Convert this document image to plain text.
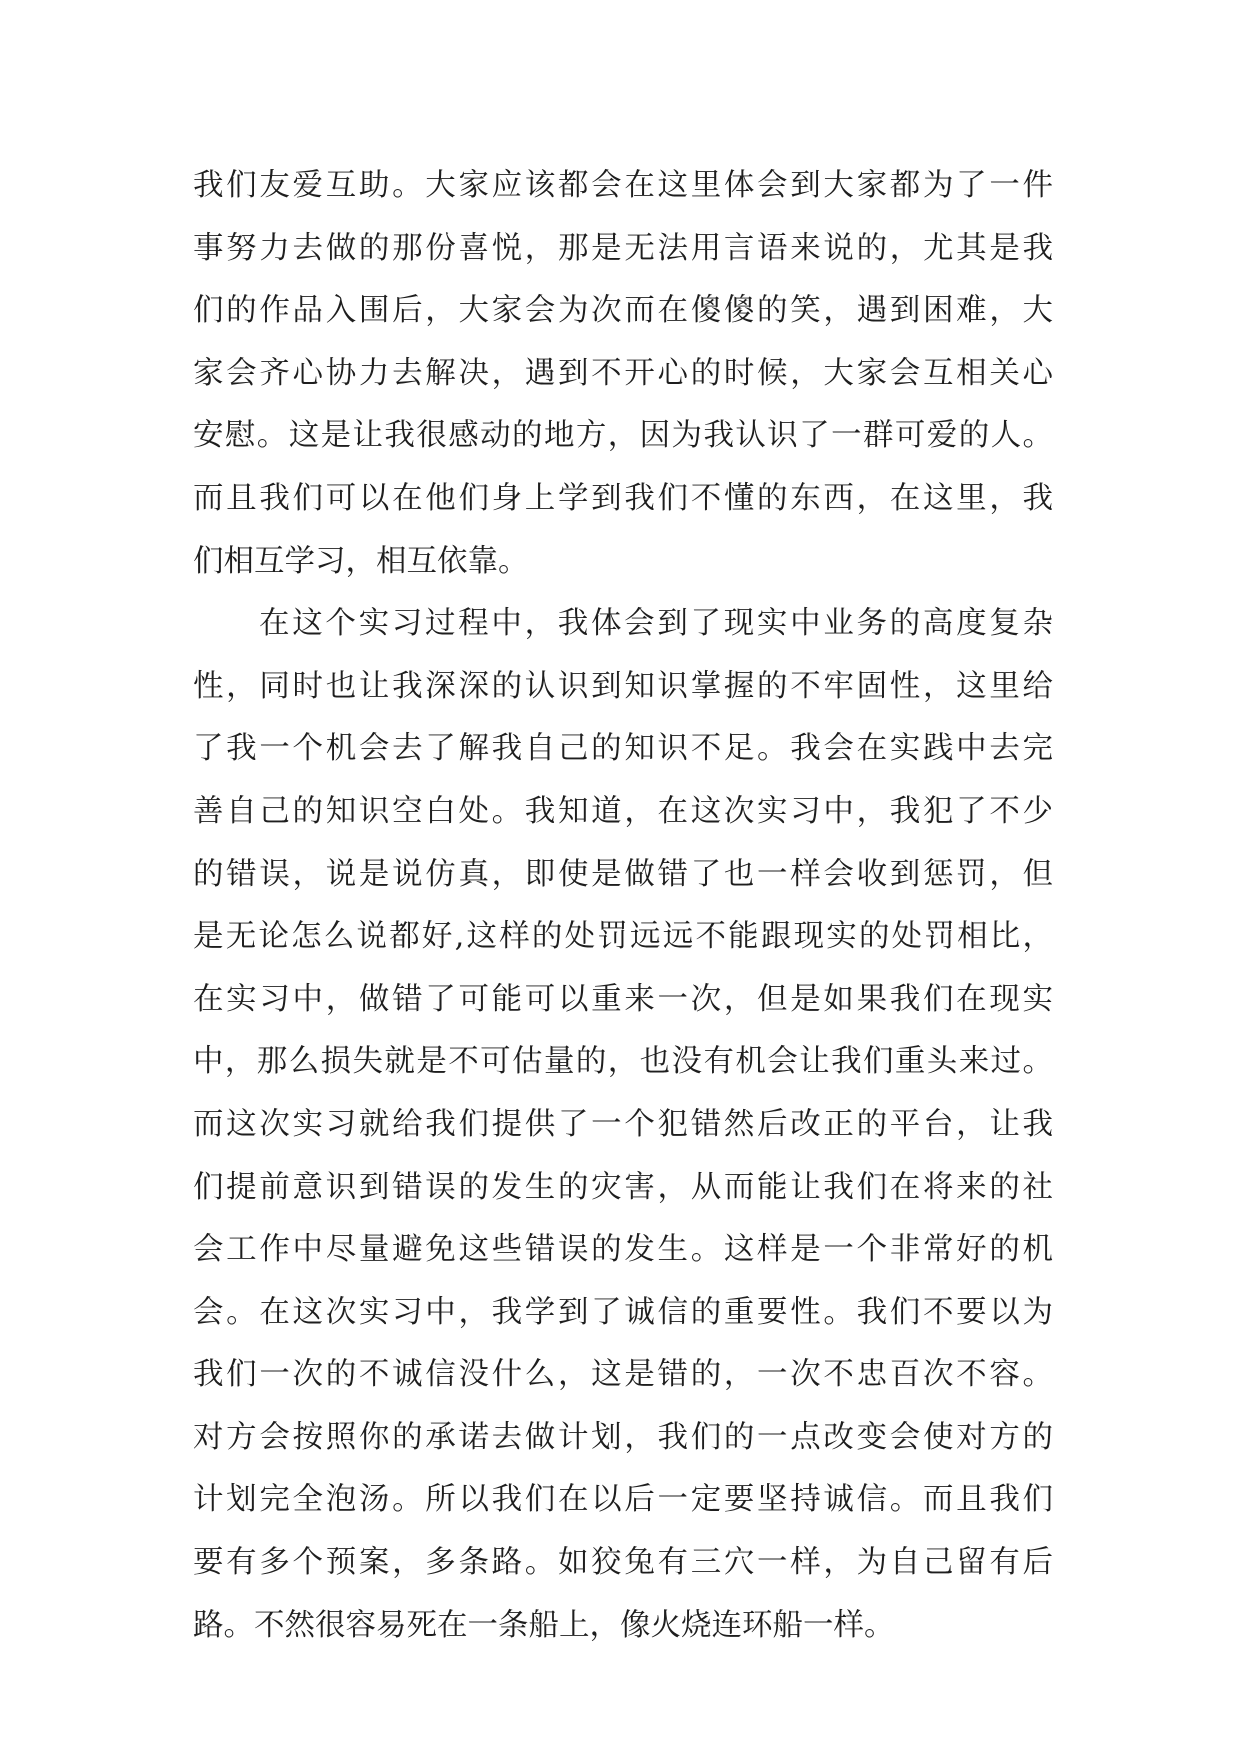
我们友爱互助。大家应该都会在这里体会到大家都为了一件
事努力去做的那份喜悦，那是无法用言语来说的，尤其是我
们的作品入围后，大家会为次而在傻傻的笑，遇到困难，大
家会齐心协力去解决，遇到不开心的时候，大家会互相关心
安慰。这是让我很感动的地方，因为我认识了一群可爱的人。
而且我们可以在他们身上学到我们不懂的东西，在这里，我
们相互学习，相互依靠。
在这个实习过程中，我体会到了现实中业务的高度复杂
性，同时也让我深深的认识到知识掌握的不牢固性，这里给
了我一个机会去了解我自己的知识不足。我会在实践中去完
善自己的知识空白处。我知道，在这次实习中，我犯了不少
的错误，说是说仿真，即使是做错了也一样会收到惩罚，但
是无论怎么说都好,这样的处罚远远不能跟现实的处罚相比，
在实习中，做错了可能可以重来一次，但是如果我们在现实
中，那么损失就是不可估量的，也没有机会让我们重头来过。
而这次实习就给我们提供了一个犯错然后改正的平台，让我
们提前意识到错误的发生的灾害，从而能让我们在将来的社
会工作中尽量避免这些错误的发生。这样是一个非常好的机
会。在这次实习中，我学到了诚信的重要性。我们不要以为
我们一次的不诚信没什么，这是错的，一次不忠百次不容。
对方会按照你的承诺去做计划，我们的一点改变会使对方的
计划完全泡汤。所以我们在以后一定要坚持诚信。而且我们
要有多个预案，多条路。如狡兔有三穴一样，为自己留有后
路。不然很容易死在一条船上，像火烧连环船一样。
